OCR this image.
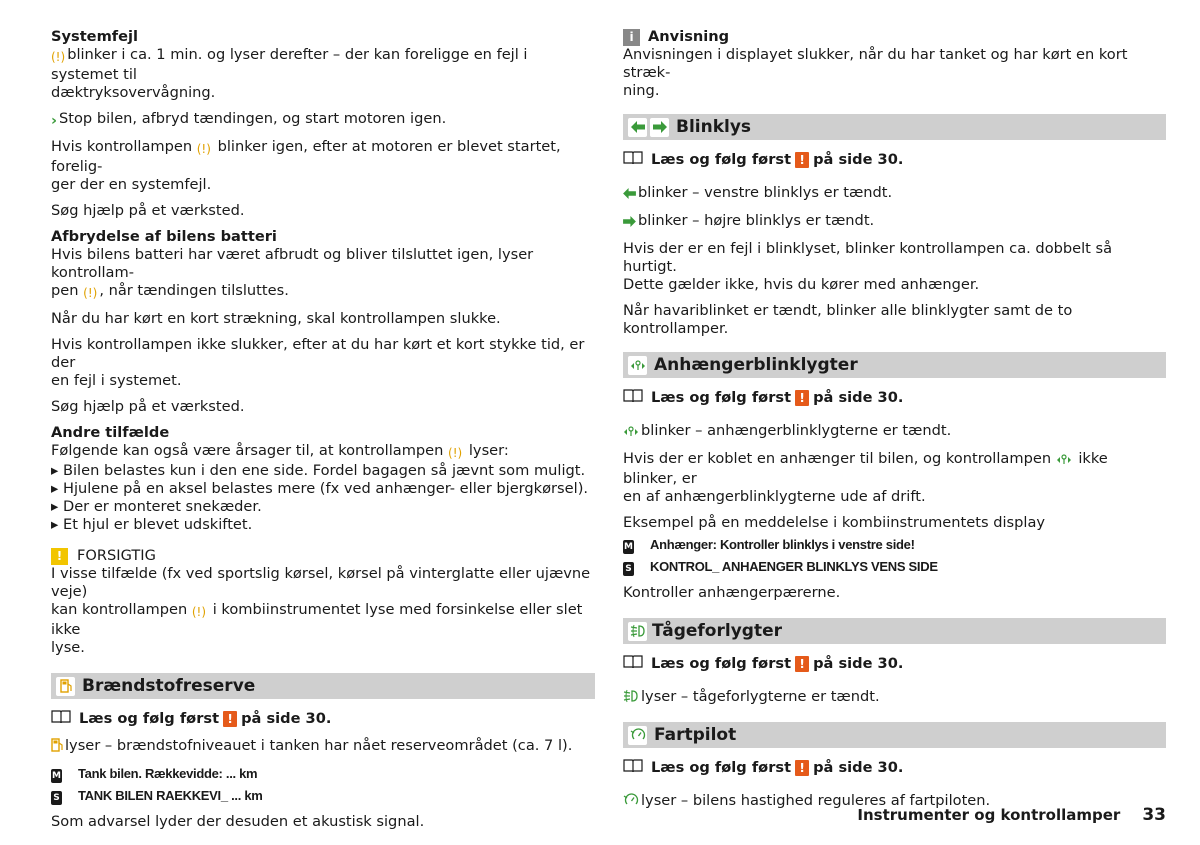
Systemfejl

(!) blinker i ca. 1 min. og lyser derefter – der kan foreligge en fejl i systemet til
dæktryksovervågning.

› Stop bilen, afbryd tændingen, og start motoren igen.

Hvis kontrollampen (!) blinker igen, efter at motoren er blevet startet, forelig-
ger der en systemfejl.

Søg hjælp på et værksted.

Afbrydelse af bilens batteri

Hvis bilens batteri har været afbrudt og bliver tilsluttet igen, lyser kontrollam-
pen (!) , når tændingen tilsluttes.

Når du har kørt en kort strækning, skal kontrollampen slukke.

Hvis kontrollampen ikke slukker, efter at du har kørt et kort stykke tid, er der
en fejl i systemet.

Søg hjælp på et værksted.

Andre tilfælde

Følgende kan også være årsager til, at kontrollampen (!) lyser:

▸ Bilen belastes kun i den ene side. Fordel bagagen så jævnt som muligt.

▸ Hjulene på en aksel belastes mere (fx ved anhænger- eller bjergkørsel).

▸ Der er monteret snekæder.

▸ Et hjul er blevet udskiftet.

!	FORSIGTIG

I visse tilfælde (fx ved sportslig kørsel, kørsel på vinterglatte eller ujævne veje)
kan kontrollampen (!) i kombiinstrumentet lyse med forsinkelse eller slet ikke
lyse.

Brændstofreserve

Læs og følg først ! på side 30.

lyser – brændstofniveauet i tanken har nået reserveområdet (ca. 7 l).

M Tank bilen. Rækkevidde: ... km

S TANK BILEN RAEKKEVI_ ... km

Som advarsel lyder der desuden et akustisk signal.

i Anvisning

Anvisningen i displayet slukker, når du har tanket og har kørt en kort stræk-
ning.

Blinklys

Læs og følg først ! på side 30.

blinker – venstre blinklys er tændt.

blinker – højre blinklys er tændt.

Hvis der er en fejl i blinklyset, blinker kontrollampen ca. dobbelt så hurtigt.
Dette gælder ikke, hvis du kører med anhænger.

Når havariblinket er tændt, blinker alle blinklygter samt de to kontrollamper.

Anhængerblinklygter

Læs og følg først ! på side 30.

blinker – anhængerblinklygterne er tændt.

Hvis der er koblet en anhænger til bilen, og kontrollampen  ikke blinker, er
en af anhængerblinklygterne ude af drift.

Eksempel på en meddelelse i kombiinstrumentets display

M Anhænger: Kontroller blinklys i venstre side!

S KONTROL_ ANHAENGER BLINKLYS VENS SIDE

Kontroller anhængerpærerne.

Tågeforlygter

Læs og følg først ! på side 30.

lyser – tågeforlygterne er tændt.

Fartpilot

Læs og følg først ! på side 30.

lyser – bilens hastighed reguleres af fartpiloten.

Instrumenter og kontrollamper 33
